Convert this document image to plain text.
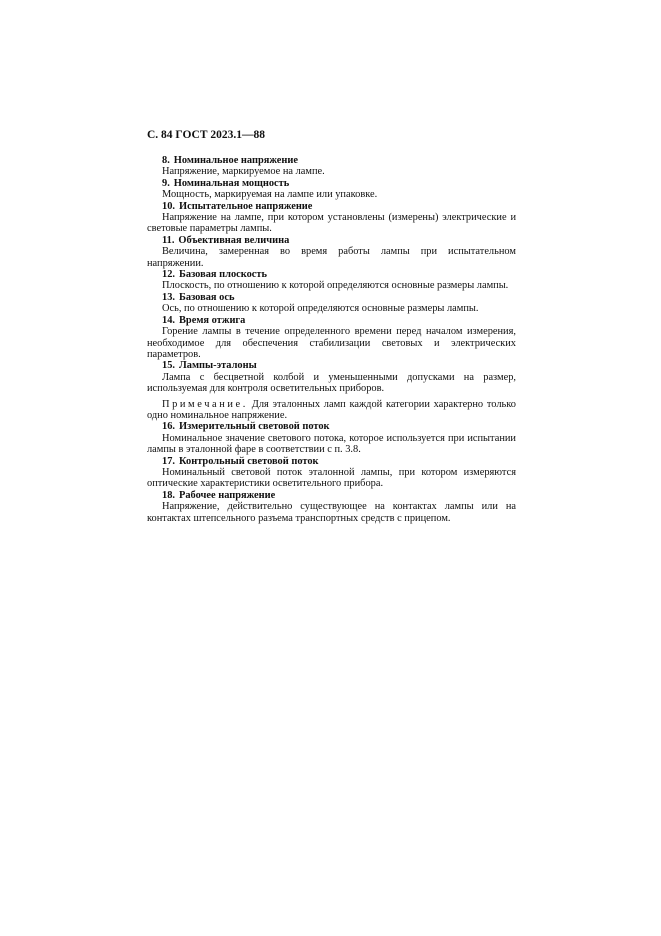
С. 84 ГОСТ 2023.1—88

8. Номинальное напряжение

Напряжение, маркируемое на лампе.

9. Номинальная мощность

Мощность, маркируемая на лампе или упаковке.

10. Испытательное напряжение

Напряжение на лампе, при котором установлены (измерены) электрические и световые параметры лампы.

11. Объективная величина

Величина, замеренная во время работы лампы при испытательном напряжении.

12. Базовая плоскость

Плоскость, по отношению к которой определяются основные размеры лампы.

13. Базовая ось

Ось, по отношению к которой определяются основные размеры лампы.

14. Время отжига

Горение лампы в течение определенного времени перед началом измерения, необходимое для обеспечения стабилизации световых и электрических параметров.

15. Лампы-эталоны

Лампа с бесцветной колбой и уменьшенными допусками на размер, используемая для контроля осветительных приборов.

Примечание. Для эталонных ламп каждой категории характерно только одно номинальное напряжение.

16. Измерительный световой поток

Номинальное значение светового потока, которое используется при испытании лампы в эталонной фаре в соответствии с п. 3.8.

17. Контрольный световой поток

Номинальный световой поток эталонной лампы, при котором измеряются оптические характеристики осветительного прибора.

18. Рабочее напряжение

Напряжение, действительно существующее на контактах лампы или на контактах штепсельного разъема транспортных средств с прицепом.
